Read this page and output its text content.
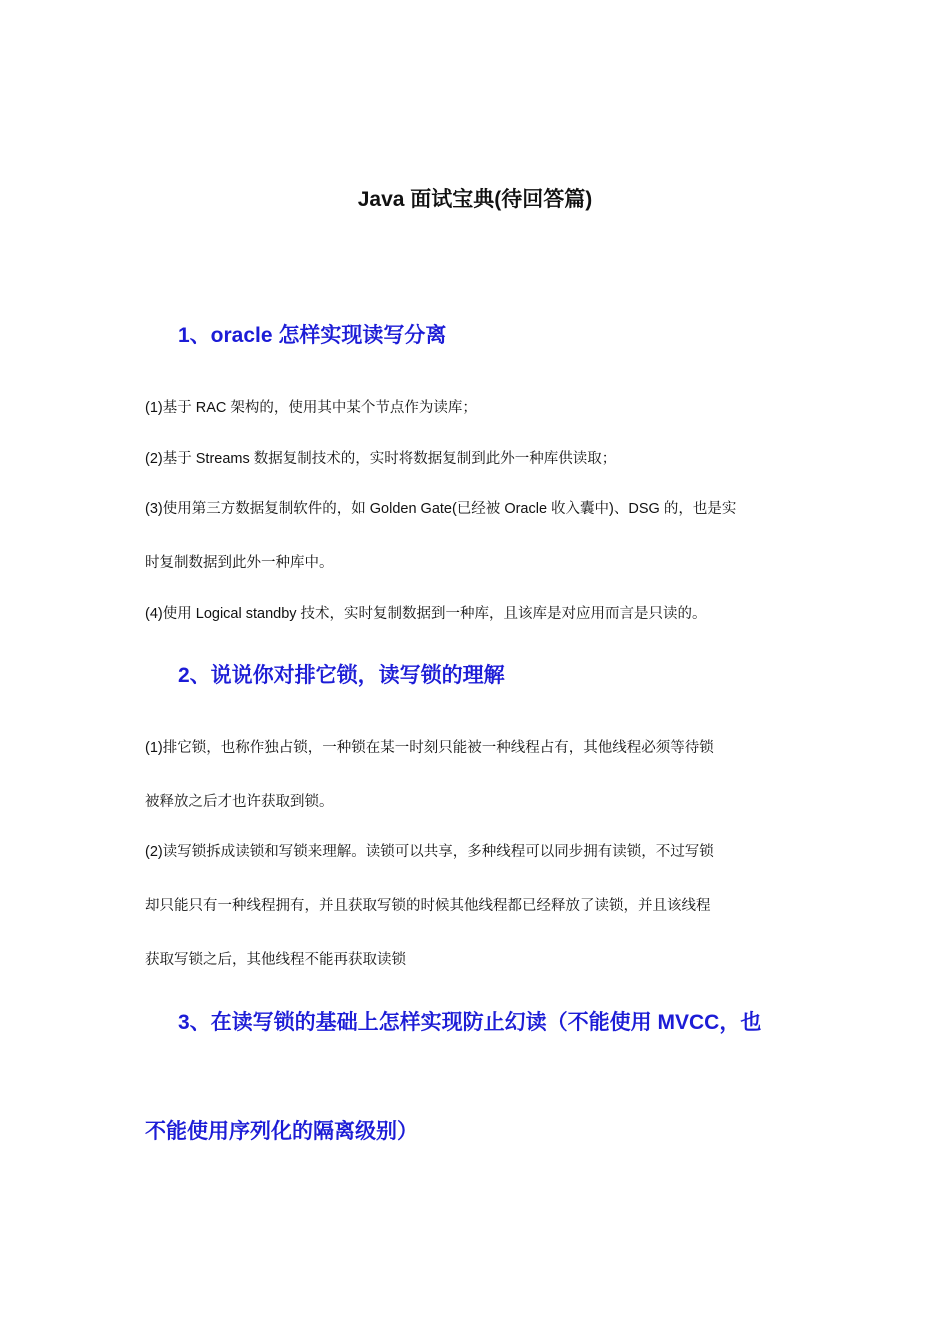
Java 面试宝典(待回答篇)
1、oracle 怎样实现读写分离

(1)基于 RAC 架构的，使用其中某个节点作为读库；

(2)基于 Streams 数据复制技术的，实时将数据复制到此外一种库供读取；

(3)使用第三方数据复制软件的，如 Golden Gate(已经被 Oracle 收入囊中)、DSG 的，也是实

时复制数据到此外一种库中。

(4)使用 Logical standby 技术，实时复制数据到一种库，且该库是对应用而言是只读的。

2、说说你对排它锁，读写锁的理解

(1)排它锁，也称作独占锁，一种锁在某一时刻只能被一种线程占有，其他线程必须等待锁

被释放之后才也许获取到锁。

(2)读写锁拆成读锁和写锁来理解。读锁可以共享，多种线程可以同步拥有读锁，不过写锁

却只能只有一种线程拥有，并且获取写锁的时候其他线程都已经释放了读锁，并且该线程

获取写锁之后，其他线程不能再获取读锁

3、在读写锁的基础上怎样实现防止幻读（不能使用 MVCC，也
不能使用序列化的隔离级别）
